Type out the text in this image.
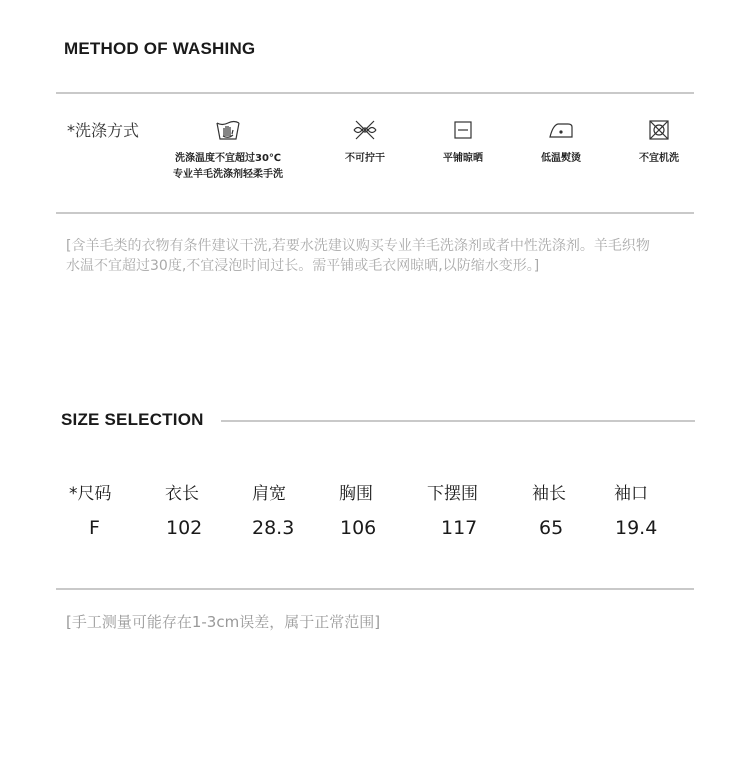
METHOD OF WASHING
*洗涤方式
洗涤温度不宜超过30℃
专业羊毛洗涤剂轻柔手洗
不可拧干	平铺晾晒	低温熨烫	不宜机洗
[含羊毛类的衣物有条件建议干洗,若要水洗建议购买专业羊毛洗涤剂或者中性洗涤剂。羊毛织物
水温不宜超过30度,不宜浸泡时间过长。需平铺或毛衣网晾晒,以防缩水变形。]
SIZE SELECTION
*尺码	衣长	肩宽	胸围	下摆围	袖长	袖口
F	102	28.3 106	117	65	19.4
[手工测量可能存在1-3cm误差，属于正常范围]
